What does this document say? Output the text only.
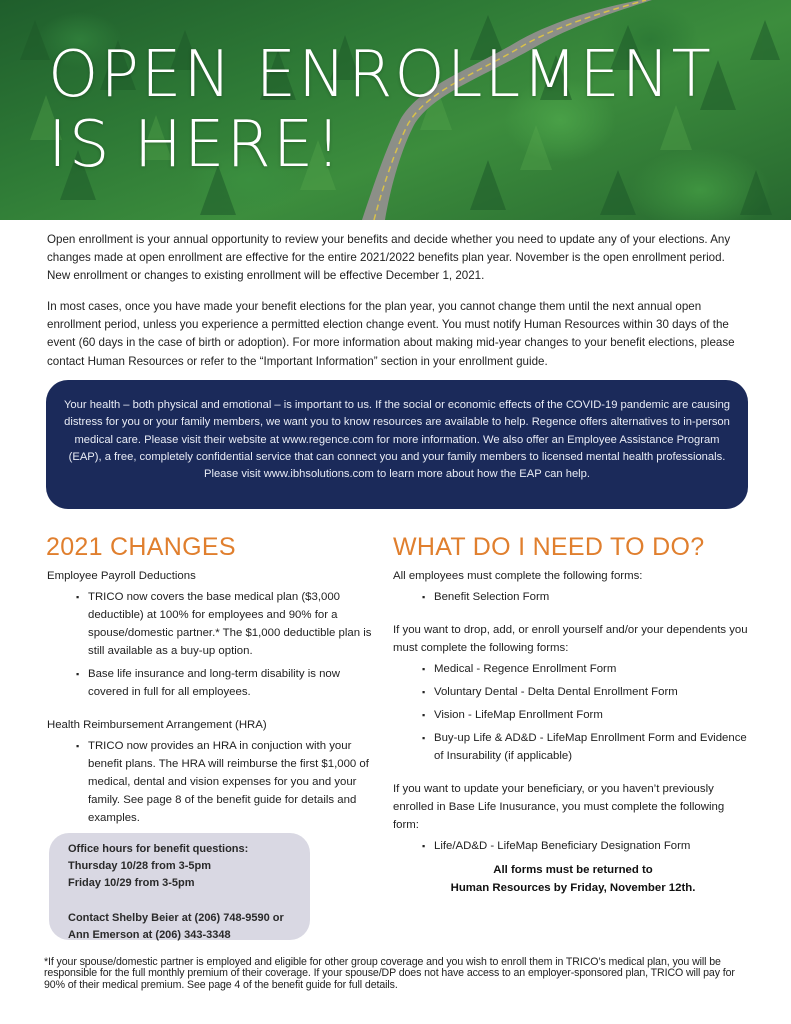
OPEN ENROLLMENT
IS HERE!

Open enrollment is your annual opportunity to review your benefits and decide whether you need to update any of your elections. Any changes made at open enrollment are effective for the entire 2021/2022 benefits plan year. November is the open enrollment period. New enrollment or changes to existing enrollment will be effective December 1, 2021.

In most cases, once you have made your benefit elections for the plan year, you cannot change them until the next annual open enrollment period, unless you experience a permitted election change event. You must notify Human Resources within 30 days of the event (60 days in the case of birth or adoption). For more information about making mid-year changes to your benefit elections, please contact Human Resources or refer to the “Important Information” section in your enrollment guide.

Your health – both physical and emotional – is important to us. If the social or economic effects of the COVID-19 pandemic are causing distress for you or your family members, we want you to know resources are available to help. Regence offers alternatives to in-person medical care. Please visit their website at www.regence.com for more information. We also offer an Employee Assistance Program (EAP), a free, completely confidential service that can connect you and your family members to licensed mental health professionals. Please visit www.ibhsolutions.com to learn more about how the EAP can help.
2021 CHANGES

Employee Payroll Deductions

▪ TRICO now covers the base medical plan ($3,000 deductible) at 100% for employees and 90% for a spouse/domestic partner.* The $1,000 deductible plan is still available as a buy-up option.
▪ Base life insurance and long-term disability is now covered in full for all employees.

Health Reimbursement Arrangement (HRA)

▪ TRICO now provides an HRA in conjuction with your benefit plans. The HRA will reimburse the first $1,000 of medical, dental and vision expenses for you and your family. See page 8 of the benefit guide for details and examples.

Office hours for benefit questions:

Thursday 10/28 from 3-5pm

Friday 10/29 from 3-5pm

Contact Shelby Beier at (206) 748-9590 or

Ann Emerson at (206) 343-3348

WHAT DO I NEED TO DO?

All employees must complete the following forms:

▪ Benefit Selection Form

If you want to drop, add, or enroll yourself and/or your dependents you must complete the following forms:

▪ Medical - Regence Enrollment Form
▪ Voluntary Dental - Delta Dental Enrollment Form
▪ Vision - LifeMap Enrollment Form
▪ Buy-up Life & AD&D - LifeMap Enrollment Form and Evidence of Insurability (if applicable)

If you want to update your beneficiary, or you haven’t previously enrolled in Base Life Inusurance, you must complete the following form:

▪ Life/AD&D - LifeMap Beneficiary Designation Form

All forms must be returned to
Human Resources by Friday, November 12th.

*If your spouse/domestic partner is employed and eligible for other group coverage and you wish to enroll them in TRICO’s medical plan, you will be responsible for the full monthly premium of their coverage. If your spouse/DP does not have access to an employer-sponsored plan, TRICO will pay for 90% of their medical premium. See page 4 of the benefit guide for full details.
